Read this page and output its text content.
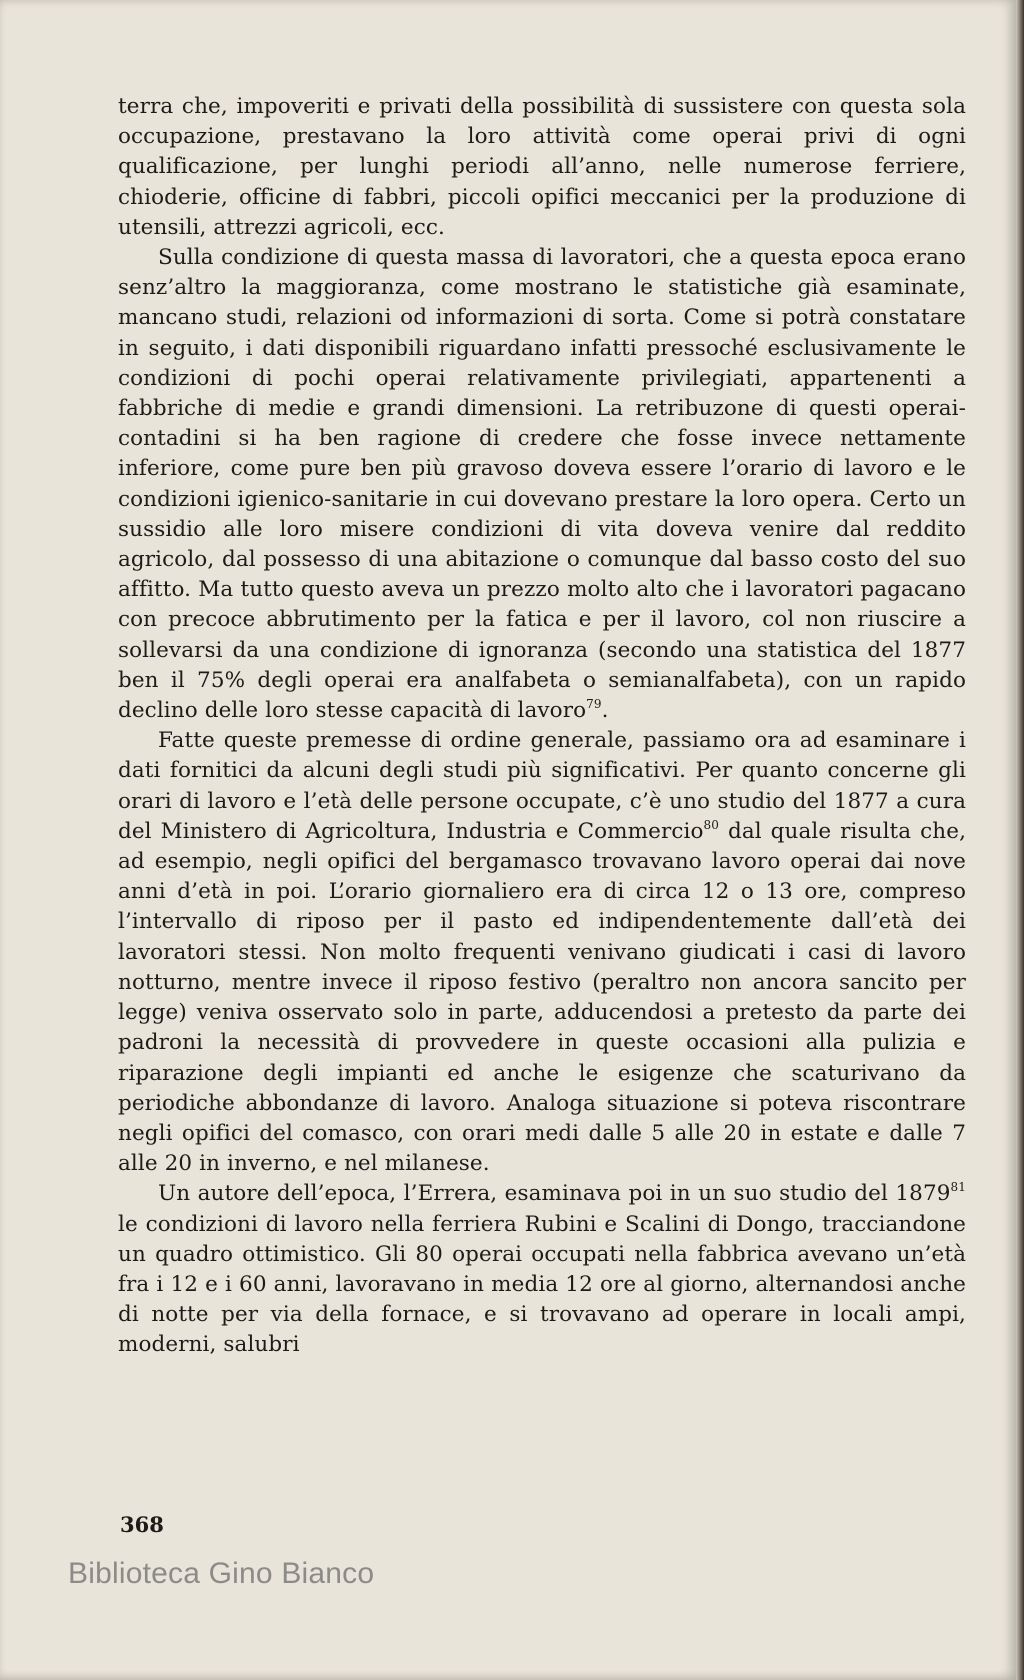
terra che, impoveriti e privati della possibilità di sussistere con questa sola occupazione, prestavano la loro attività come operai privi di ogni qualificazione, per lunghi periodi all’anno, nelle numerose ferriere, chioderie, officine di fabbri, piccoli opifici meccanici per la produzione di utensili, attrezzi agricoli, ecc.

Sulla condizione di questa massa di lavoratori, che a questa epoca erano senz’altro la maggioranza, come mostrano le statistiche già esaminate, mancano studi, relazioni od informazioni di sorta. Come si potrà constatare in seguito, i dati disponibili riguardano infatti pressoché esclusivamente le condizioni di pochi operai relativamente privilegiati, appartenenti a fabbriche di medie e grandi dimensioni. La retribuzone di questi operai-contadini si ha ben ragione di credere che fosse invece nettamente inferiore, come pure ben più gravoso doveva essere l’orario di lavoro e le condizioni igienico-sanitarie in cui dovevano prestare la loro opera. Certo un sussidio alle loro misere condizioni di vita doveva venire dal reddito agricolo, dal possesso di una abitazione o comunque dal basso costo del suo affitto. Ma tutto questo aveva un prezzo molto alto che i lavoratori pagacano con precoce abbrutimento per la fatica e per il lavoro, col non riuscire a sollevarsi da una condizione di ignoranza (secondo una statistica del 1877 ben il 75% degli operai era analfabeta o semianalfabeta), con un rapido declino delle loro stesse capacità di lavoro$^{79}$.

Fatte queste premesse di ordine generale, passiamo ora ad esaminare i dati fornitici da alcuni degli studi più significativi. Per quanto concerne gli orari di lavoro e l’età delle persone occupate, c’è uno studio del 1877 a cura del Ministero di Agricoltura, Industria e Commercio$^{80}$ dal quale risulta che, ad esempio, negli opifici del bergamasco trovavano lavoro operai dai nove anni d’età in poi. L’orario giornaliero era di circa 12 o 13 ore, compreso l’intervallo di riposo per il pasto ed indipendentemente dall’età dei lavoratori stessi. Non molto frequenti venivano giudicati i casi di lavoro notturno, mentre invece il riposo festivo (peraltro non ancora sancito per legge) veniva osservato solo in parte, adducendosi a pretesto da parte dei padroni la necessità di provvedere in queste occasioni alla pulizia e riparazione degli impianti ed anche le esigenze che scaturivano da periodiche abbondanze di lavoro. Analoga situazione si poteva riscontrare negli opifici del comasco, con orari medi dalle 5 alle 20 in estate e dalle 7 alle 20 in inverno, e nel milanese.

Un autore dell’epoca, l’Errera, esaminava poi in un suo studio del 1879$^{81}$ le condizioni di lavoro nella ferriera Rubini e Scalini di Dongo, tracciandone un quadro ottimistico. Gli 80 operai occupati nella fabbrica avevano un’età fra i 12 e i 60 anni, lavoravano in media 12 ore al giorno, alternandosi anche di notte per via della fornace, e si trovavano ad operare in locali ampi, moderni, salubri

368
Biblioteca Gino Bianco
